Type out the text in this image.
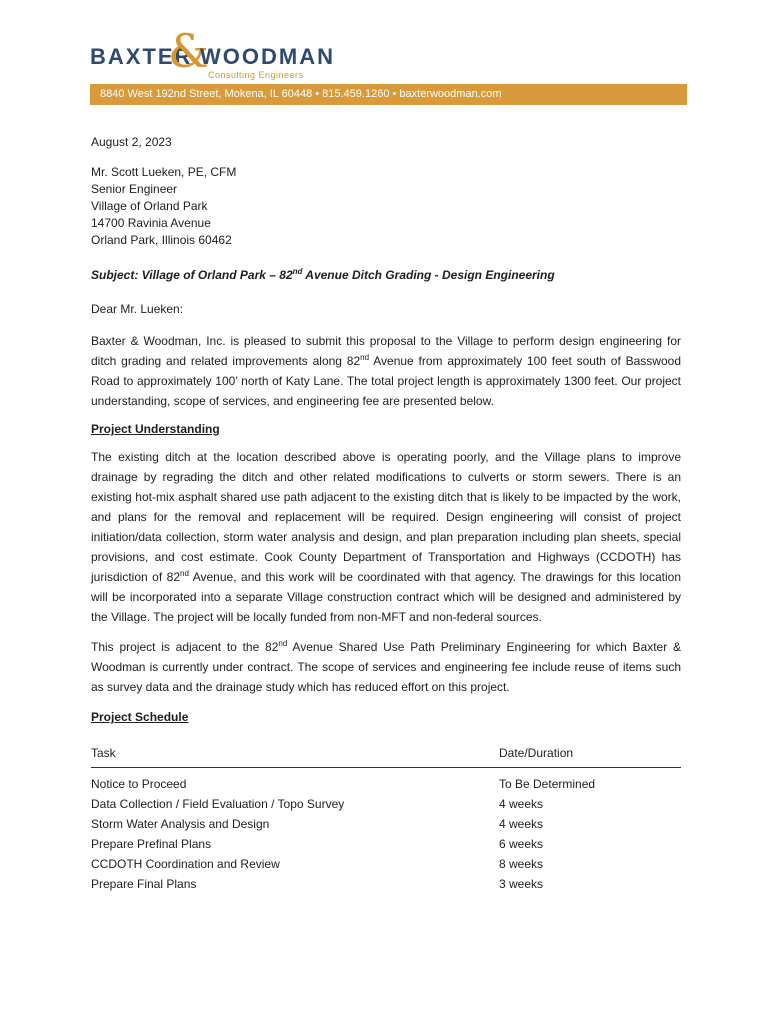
BAXTER
&
WOODMAN
Consulting Engineers
8840 West 192nd Street, Mokena, IL 60448 • 815.459.1260 • baxterwoodman.com
August 2, 2023
Mr. Scott Lueken, PE, CFM
Senior Engineer
Village of Orland Park
14700 Ravinia Avenue
Orland Park, Illinois 60462
Subject: Village of Orland Park – 82nd Avenue Ditch Grading - Design Engineering
Dear Mr. Lueken:

Baxter & Woodman, Inc. is pleased to submit this proposal to the Village to perform design engineering for ditch grading and related improvements along 82nd Avenue from approximately 100 feet south of Basswood Road to approximately 100’ north of Katy Lane. The total project length is approximately 1300 feet. Our project understanding, scope of services, and engineering fee are presented below.

Project Understanding

The existing ditch at the location described above is operating poorly, and the Village plans to improve drainage by regrading the ditch and other related modifications to culverts or storm sewers. There is an existing hot-mix asphalt shared use path adjacent to the existing ditch that is likely to be impacted by the work, and plans for the removal and replacement will be required. Design engineering will consist of project initiation/data collection, storm water analysis and design, and plan preparation including plan sheets, special provisions, and cost estimate. Cook County Department of Transportation and Highways (CCDOTH) has jurisdiction of 82nd Avenue, and this work will be coordinated with that agency. The drawings for this location will be incorporated into a separate Village construction contract which will be designed and administered by the Village. The project will be locally funded from non-MFT and non-federal sources.

This project is adjacent to the 82nd Avenue Shared Use Path Preliminary Engineering for which Baxter & Woodman is currently under contract. The scope of services and engineering fee include reuse of items such as survey data and the drainage study which has reduced effort on this project.

Project Schedule
Task	Date/Duration

Notice to Proceed	To Be Determined
Data Collection / Field Evaluation / Topo Survey	4 weeks
Storm Water Analysis and Design	4 weeks
Prepare Prefinal Plans	6 weeks
CCDOTH Coordination and Review	8 weeks
Prepare Final Plans	3 weeks
